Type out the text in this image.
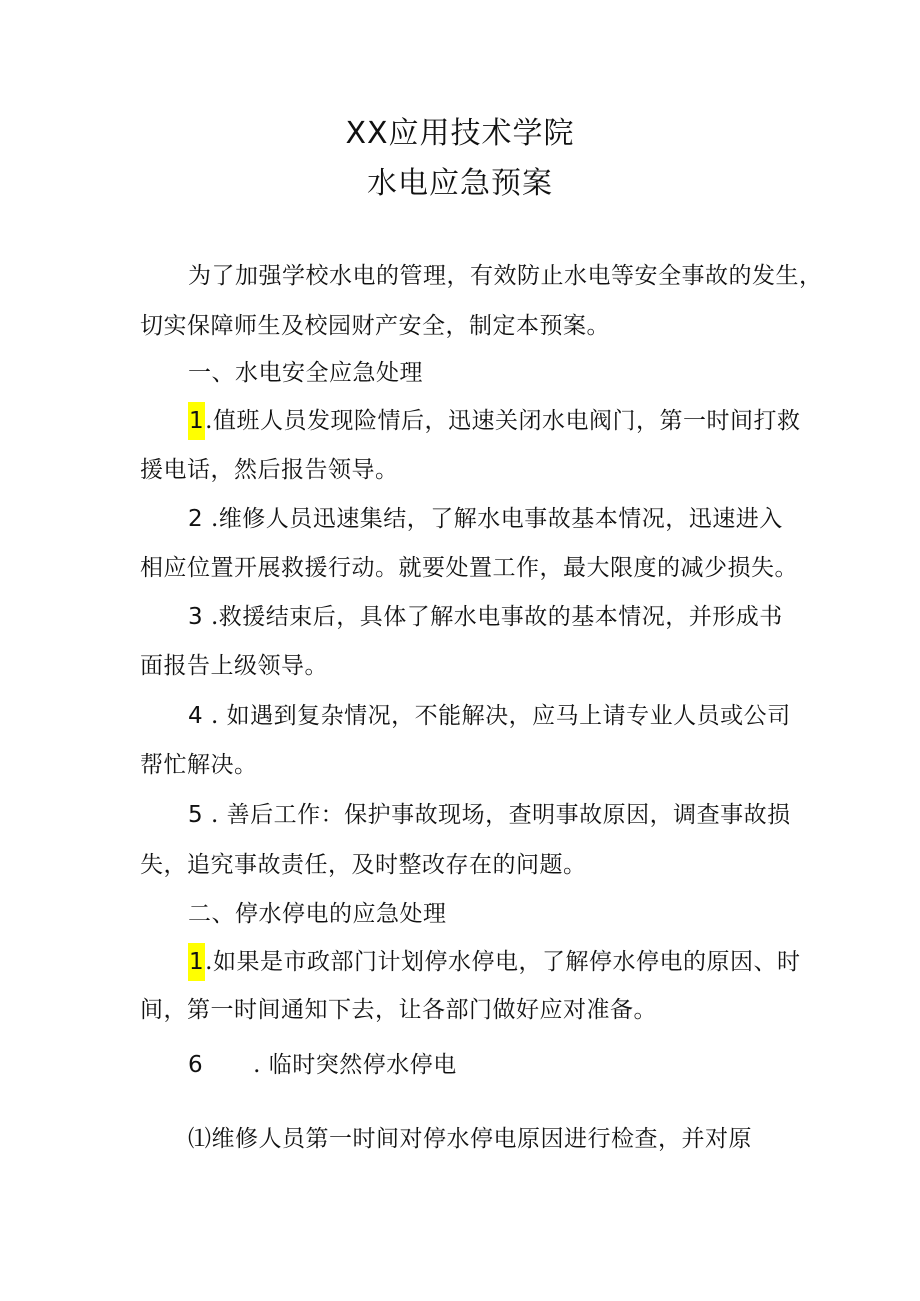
XX应用技术学院
水电应急预案
为了加强学校水电的管理，有效防止水电等安全事故的发生，
切实保障师生及校园财产安全，制定本预案。
一、水电安全应急处理
1.值班人员发现险情后，迅速关闭水电阀门，第一时间打救
援电话，然后报告领导。
2 .维修人员迅速集结，了解水电事故基本情况，迅速进入
相应位置开展救援行动。就要处置工作，最大限度的减少损失。
3 .救援结束后，具体了解水电事故的基本情况，并形成书
面报告上级领导。
4 . 如遇到复杂情况，不能解决，应马上请专业人员或公司
帮忙解决。
5 . 善后工作：保护事故现场，查明事故原因，调查事故损
失，追究事故责任，及时整改存在的问题。
二、停水停电的应急处理
1.如果是市政部门计划停水停电，了解停水停电的原因、时
间，第一时间通知下去，让各部门做好应对准备。
6 . 临时突然停水停电
⑴维修人员第一时间对停水停电原因进行检查，并对原
